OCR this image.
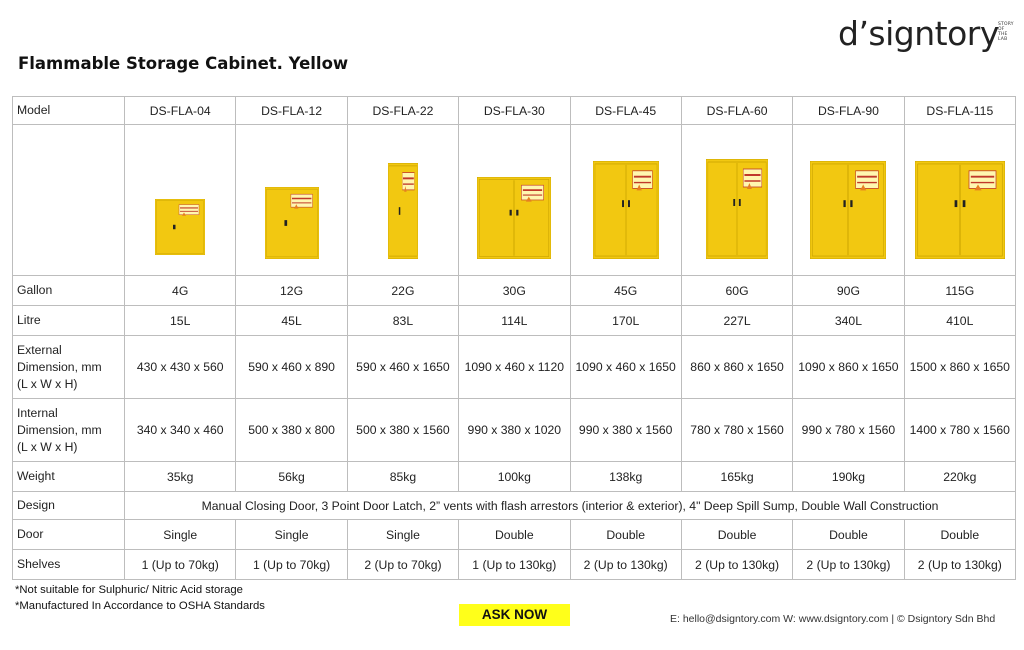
d’signtory STORY
OF
THE
LAB
Flammable Storage Cabinet. Yellow
Model	DS-FLA-04	DS-FLA-12	DS-FLA-22	DS-FLA-30	DS-FLA-45	DS-FLA-60	DS-FLA-90	DS-FLA-115

Gallon	4G	12G	22G	30G	45G	60G	90G	115G
Litre	15L	45L	83L	114L	170L	227L	340L	410L

External
Dimension, mm
(L x W x H)	430 x 430 x 560	590 x 460 x 890	590 x 460 x 1650	1090 x 460 x 1120	1090 x 460 x 1650	860 x 860 x 1650	1090 x 860 x 1650	1500 x 860 x 1650

Internal
Dimension, mm
(L x W x H)	340 x 340 x 460	500 x 380 x 800	500 x 380 x 1560	990 x 380 x 1020	990 x 380 x 1560	780 x 780 x 1560	990 x 780 x 1560	1400 x 780 x 1560
Weight	35kg	56kg	85kg	100kg	138kg	165kg	190kg	220kg
Design	Manual Closing Door, 3 Point Door Latch, 2” vents with flash arrestors (interior & exterior), 4" Deep Spill Sump, Double Wall Construction							
Door	Single	Single	Single	Double	Double	Double	Double	Double
Shelves	1 (Up to 70kg)	1 (Up to 70kg)	2 (Up to 70kg)	1 (Up to 130kg)	2 (Up to 130kg)	2 (Up to 130kg)	2 (Up to 130kg)	2 (Up to 130kg)
*Not suitable for Sulphuric/ Nitric Acid storage
*Manufactured In Accordance to OSHA Standards
ASK NOW	E: hello@dsigntory.com W: www.dsigntory.com | © Dsigntory Sdn Bhd
